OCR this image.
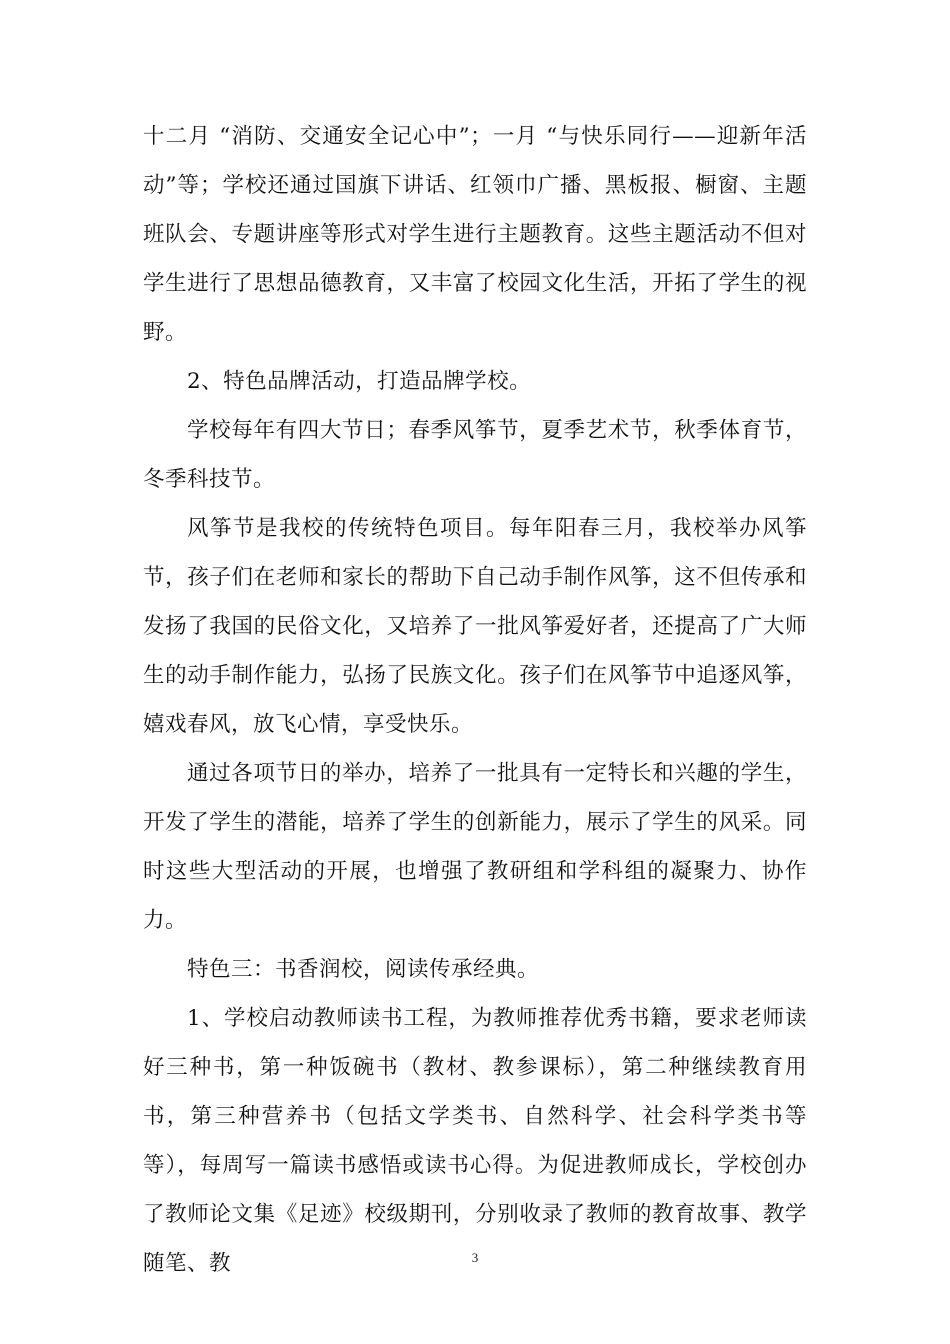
十二月 “消防、交通安全记心中”；一月 “与快乐同行——迎新年活动”等；学校还通过国旗下讲话、红领巾广播、黑板报、橱窗、主题班队会、专题讲座等形式对学生进行主题教育。这些主题活动不但对学生进行了思想品德教育，又丰富了校园文化生活，开拓了学生的视野。

2、特色品牌活动，打造品牌学校。

学校每年有四大节日；春季风筝节，夏季艺术节，秋季体育节，冬季科技节。

风筝节是我校的传统特色项目。每年阳春三月，我校举办风筝节，孩子们在老师和家长的帮助下自己动手制作风筝，这不但传承和发扬了我国的民俗文化，又培养了一批风筝爱好者，还提高了广大师生的动手制作能力，弘扬了民族文化。孩子们在风筝节中追逐风筝，嬉戏春风，放飞心情，享受快乐。

通过各项节日的举办，培养了一批具有一定特长和兴趣的学生，开发了学生的潜能，培养了学生的创新能力，展示了学生的风采。同时这些大型活动的开展，也增强了教研组和学科组的凝聚力、协作力。

特色三：书香润校，阅读传承经典。

1、学校启动教师读书工程，为教师推荐优秀书籍，要求老师读好三种书，第一种饭碗书（教材、教参课标），第二种继续教育用书，第三种营养书（包括文学类书、自然科学、社会科学类书等等），每周写一篇读书感悟或读书心得。为促进教师成长，学校创办了教师论文集《足迹》校级期刊，分别收录了教师的教育故事、教学随笔、教	3
